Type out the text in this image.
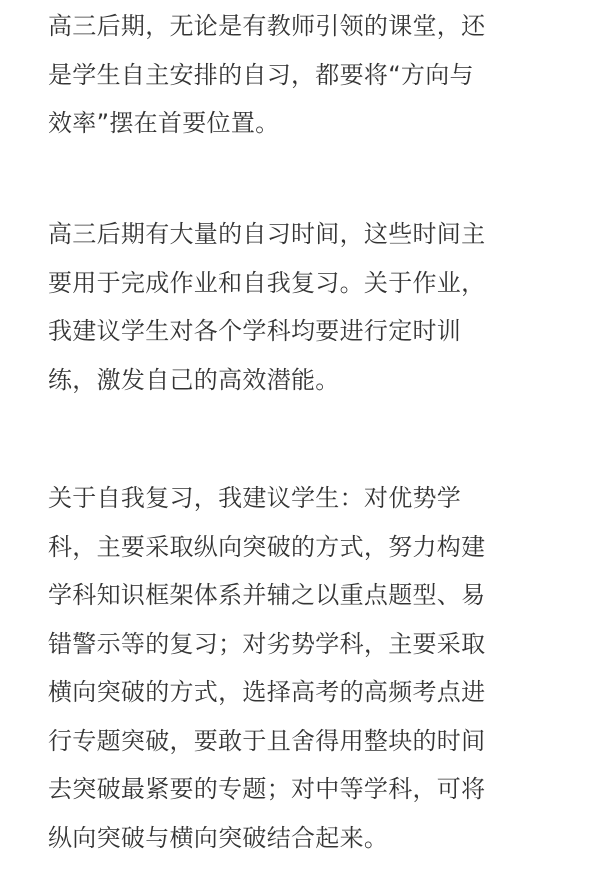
高三后期，无论是有教师引领的课堂，还
是学生自主安排的自习，都要将“方向与
效率”摆在首要位置。
高三后期有大量的自习时间，这些时间主
要用于完成作业和自我复习。关于作业，
我建议学生对各个学科均要进行定时训
练，激发自己的高效潜能。
关于自我复习，我建议学生：对优势学
科，主要采取纵向突破的方式，努力构建
学科知识框架体系并辅之以重点题型、易
错警示等的复习；对劣势学科，主要采取
横向突破的方式，选择高考的高频考点进
行专题突破，要敢于且舍得用整块的时间
去突破最紧要的专题；对中等学科，可将
纵向突破与横向突破结合起来。
